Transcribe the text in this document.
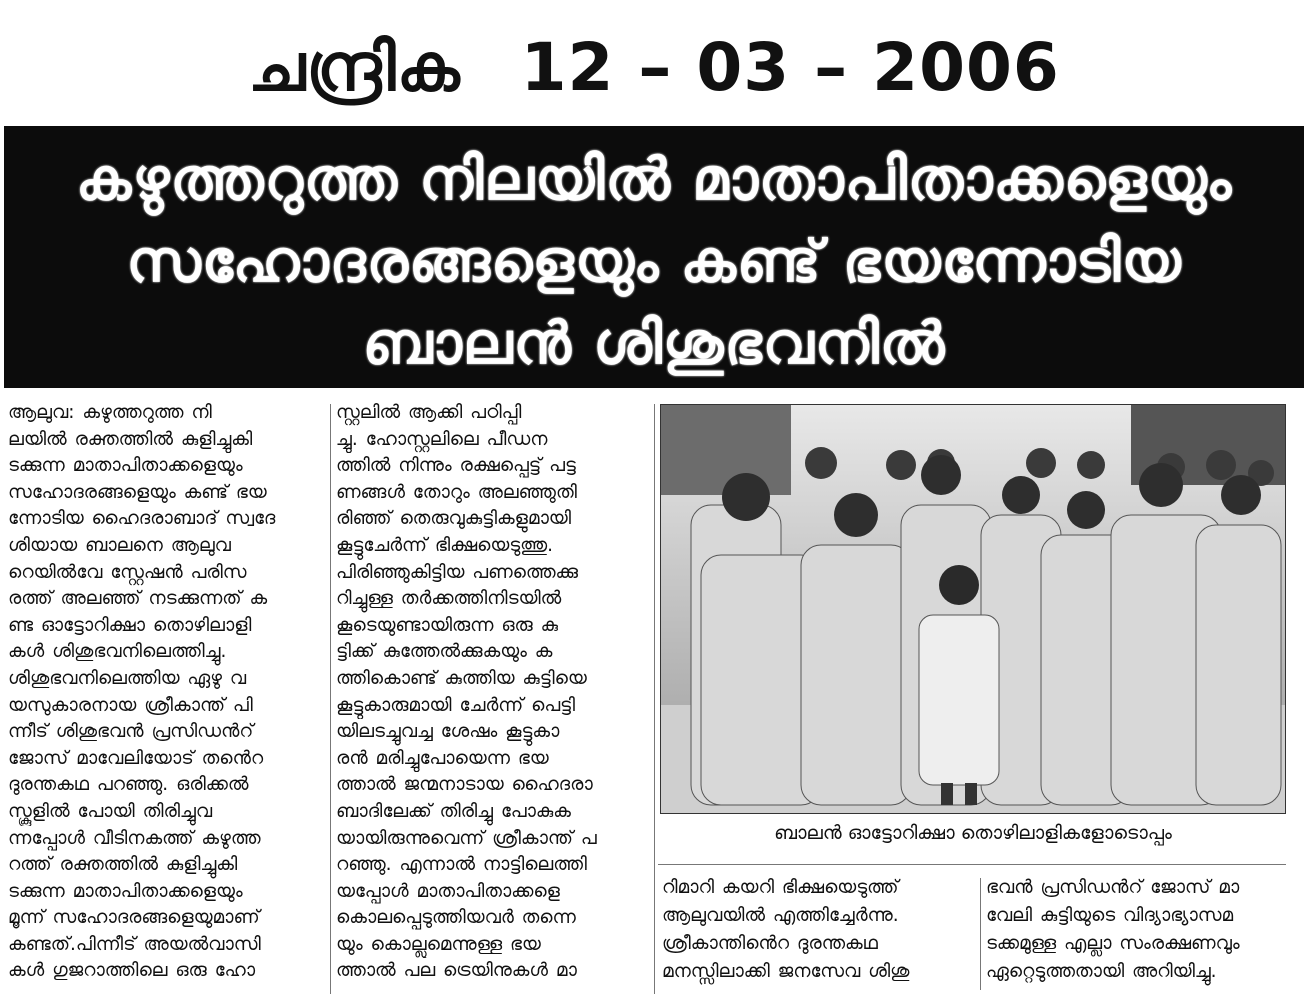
ചന്ദ്രിക 12 – 03 – 2006
കഴുത്തറുത്ത നിലയിൽ മാതാപിതാക്കളെയും
സഹോദരങ്ങളെയും കണ്ട് ഭയന്നോടിയ
ബാലൻ ശിശുഭവനിൽ
ആലുവ: കഴുത്തറുത്ത നി
ലയിൽ രക്തത്തിൽ കുളിച്ചുകി
ടക്കുന്ന മാതാപിതാക്കളെയും
സഹോദരങ്ങളെയും കണ്ട് ഭയ
ന്നോടിയ ഹൈദരാബാദ് സ്വദേ
ശിയായ ബാലനെ ആലുവ
റെയിൽവേ സ്റ്റേഷൻ പരിസ
രത്ത് അലഞ്ഞ് നടക്കുന്നത് ക
ണ്ട ഓട്ടോറിക്ഷാ തൊഴിലാളി
കൾ ശിശുഭവനിലെത്തിച്ചു.
ശിശുഭവനിലെത്തിയ ഏഴു വ
യസുകാരനായ ശ്രീകാന്ത് പി
ന്നീട് ശിശുഭവൻ പ്രസിഡൻറ്
ജോസ് മാവേലിയോട് തൻെറ
ദുരന്തകഥ പറഞ്ഞു. ഒരിക്കൽ
സ്കൂളിൽ പോയി തിരിച്ചുവ
ന്നപ്പോൾ വീടിനകത്ത് കഴുത്ത
റത്ത് രക്തത്തിൽ കുളിച്ചുകി
ടക്കുന്ന മാതാപിതാക്കളെയും
മൂന്ന് സഹോദരങ്ങളെയുമാണ്
കണ്ടത്.പിന്നീട് അയൽവാസി
കൾ ഗുജറാത്തിലെ ഒരു ഹോ
സ്റ്റലിൽ ആക്കി പഠിപ്പി
ച്ചു. ഹോസ്റ്റലിലെ പീഡന
ത്തിൽ നിന്നും രക്ഷപ്പെട്ട് പട്ട
ണങ്ങൾ തോറും അലഞ്ഞുതി
രിഞ്ഞ് തെരുവുകുട്ടികളുമായി
കൂട്ടുചേർന്ന് ഭിക്ഷയെടുത്തു.
പിരിഞ്ഞുകിട്ടിയ പണത്തെക്കു
റിച്ചുള്ള തർക്കത്തിനിടയിൽ
കൂടെയുണ്ടായിരുന്ന ഒരു കു
ട്ടിക്ക് കുത്തേൽക്കുകയും ക
ത്തികൊണ്ട് കുത്തിയ കുട്ടിയെ
കൂട്ടുകാരുമായി ചേർന്ന് പെട്ടി
യിലടച്ചുവച്ച ശേഷം കൂട്ടുകാ
രൻ മരിച്ചുപോയെന്ന ഭയ
ത്താൽ ജന്മനാടായ ഹൈദരാ
ബാദിലേക്ക് തിരിച്ചു പോകുക
യായിരുന്നുവെന്ന് ശ്രീകാന്ത് പ
റഞ്ഞു. എന്നാൽ നാട്ടിലെത്തി
യപ്പോൾ മാതാപിതാക്കളെ
കൊലപ്പെടുത്തിയവർ തന്നെ
യും കൊല്ലുമെന്നുള്ള ഭയ
ത്താൽ പല ട്രെയിനുകൾ മാ
ബാലൻ ഓട്ടോറിക്ഷാ തൊഴിലാളികളോടൊപ്പം
റിമാറി കയറി ഭിക്ഷയെടുത്ത്
ആലുവയിൽ എത്തിച്ചേർന്നു.
ശ്രീകാന്തിൻെറ ദുരന്തകഥ
മനസ്സിലാക്കി ജനസേവ ശിശു
ഭവൻ പ്രസിഡൻറ് ജോസ് മാ
വേലി കുട്ടിയുടെ വിദ്യാഭ്യാസമ
ടക്കമുള്ള എല്ലാ സംരക്ഷണവും
ഏറ്റെടുത്തതായി അറിയിച്ചു.
